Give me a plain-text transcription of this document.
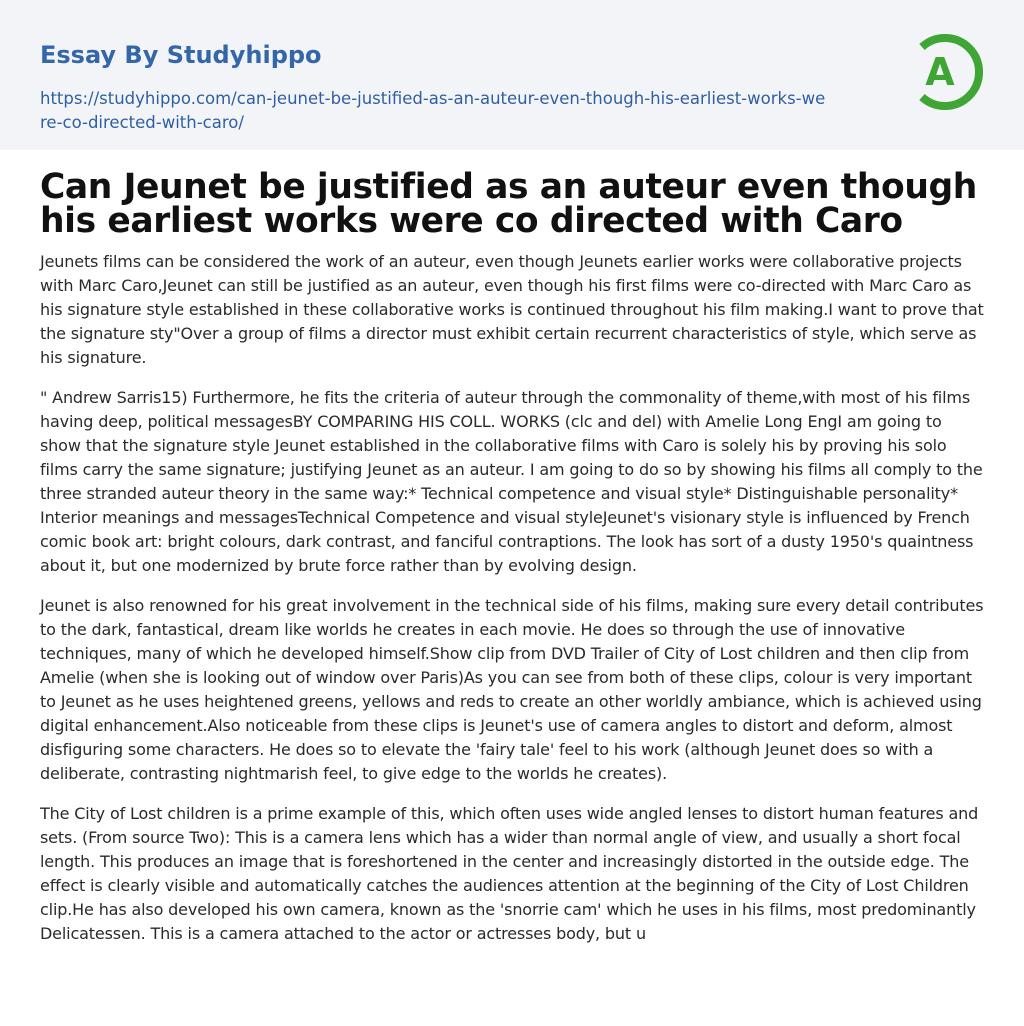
Essay By Studyhippo
https://studyhippo.com/can-jeunet-be-justified-as-an-auteur-even-though-his-earliest-works-were-co-directed-with-caro/
A
Can Jeunet be justified as an auteur even though his earliest works were co directed with Caro

Jeunets films can be considered the work of an auteur, even though Jeunets earlier works were collaborative projects with Marc Caro,Jeunet can still be justified as an auteur, even though his first films were co-directed with Marc Caro as his signature style established in these collaborative works is continued throughout his film making.I want to prove that the signature sty"Over a group of films a director must exhibit certain recurrent characteristics of style, which serve as his signature.

" Andrew Sarris15) Furthermore, he fits the criteria of auteur through the commonality of theme,with most of his films having deep, political messagesBY COMPARING HIS COLL. WORKS (clc and del) with Amelie Long EngI am going to show that the signature style Jeunet established in the collaborative films with Caro is solely his by proving his solo films carry the same signature; justifying Jeunet as an auteur. I am going to do so by showing his films all comply to the three stranded auteur theory in the same way:* Technical competence and visual style* Distinguishable personality* Interior meanings and messagesTechnical Competence and visual styleJeunet's visionary style is influenced by French comic book art: bright colours, dark contrast, and fanciful contraptions. The look has sort of a dusty 1950's quaintness about it, but one modernized by brute force rather than by evolving design.

Jeunet is also renowned for his great involvement in the technical side of his films, making sure every detail contributes to the dark, fantastical, dream like worlds he creates in each movie. He does so through the use of innovative techniques, many of which he developed himself.Show clip from DVD Trailer of City of Lost children and then clip from Amelie (when she is looking out of window over Paris)As you can see from both of these clips, colour is very important to Jeunet as he uses heightened greens, yellows and reds to create an other worldly ambiance, which is achieved using digital enhancement.Also noticeable from these clips is Jeunet's use of camera angles to distort and deform, almost disfiguring some characters. He does so to elevate the 'fairy tale' feel to his work (although Jeunet does so with a deliberate, contrasting nightmarish feel, to give edge to the worlds he creates).

The City of Lost children is a prime example of this, which often uses wide angled lenses to distort human features and sets. (From source Two): This is a camera lens which has a wider than normal angle of view, and usually a short focal length. This produces an image that is foreshortened in the center and increasingly distorted in the outside edge. The effect is clearly visible and automatically catches the audiences attention at the beginning of the City of Lost Children clip.He has also developed his own camera, known as the 'snorrie cam' which he uses in his films, most predominantly Delicatessen. This is a camera attached to the actor or actresses body, but u
